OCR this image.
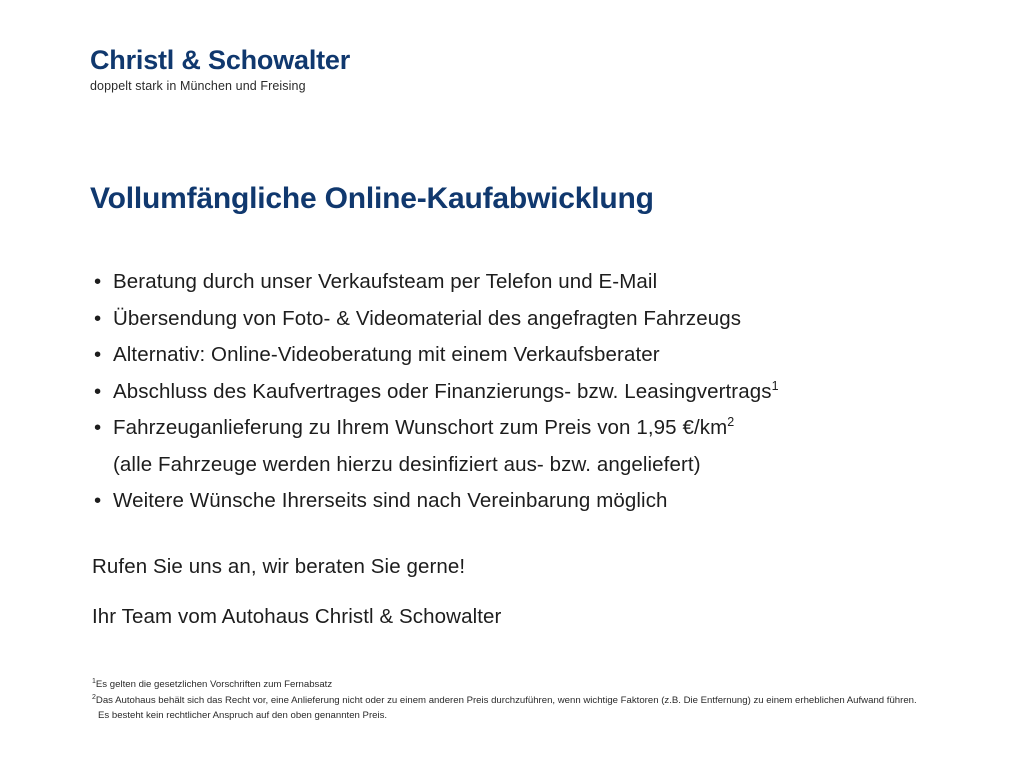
Christl & Schowalter
doppelt stark in München und Freising
Vollumfängliche Online-Kaufabwicklung
• Beratung durch unser Verkaufsteam per Telefon und E-Mail
• Übersendung von Foto- & Videomaterial des angefragten Fahrzeugs
• Alternativ: Online-Videoberatung mit einem Verkaufsberater
• Abschluss des Kaufvertrages oder Finanzierungs- bzw. Leasingvertrags$^1$
• Fahrzeuganlieferung zu Ihrem Wunschort zum Preis von 1,95 $€/km^2$
(alle Fahrzeuge werden hierzu desinfiziert aus- bzw. angeliefert)
• Weitere Wünsche Ihrerseits sind nach Vereinbarung möglich

Rufen Sie uns an, wir beraten Sie gerne!

Ihr Team vom Autohaus Christl & Schowalter

$^1$Es gelten die gesetzlichen Vorschriften zum Fernabsatz

$^2$Das Autohaus behält sich das Recht vor, eine Anlieferung nicht oder zu einem anderen Preis durchzuführen, wenn wichtige Faktoren (z.B. Die Entfernung) zu einem erheblichen Aufwand führen.

Es besteht kein rechtlicher Anspruch auf den oben genannten Preis.
